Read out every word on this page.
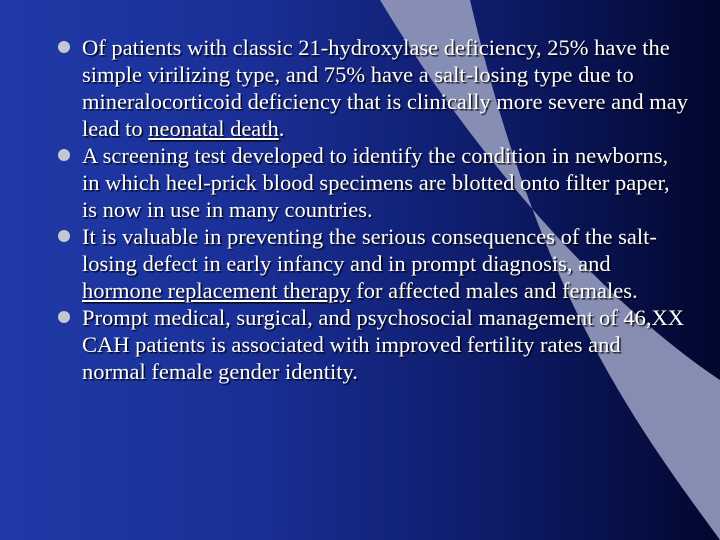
Of patients with classic 21-hydroxylase deficiency, 25% have the simple virilizing type, and 75% have a salt-losing type due to mineralocorticoid deficiency that is clinically more severe and may lead to neonatal death.
A screening test developed to identify the condition in newborns, in which heel-prick blood specimens are blotted onto filter paper, is now in use in many countries.
It is valuable in preventing the serious consequences of the salt-losing defect in early infancy and in prompt diagnosis, and hormone replacement therapy for affected males and females.
Prompt medical, surgical, and psychosocial management of 46,XX CAH patients is associated with improved fertility rates and normal female gender identity.
